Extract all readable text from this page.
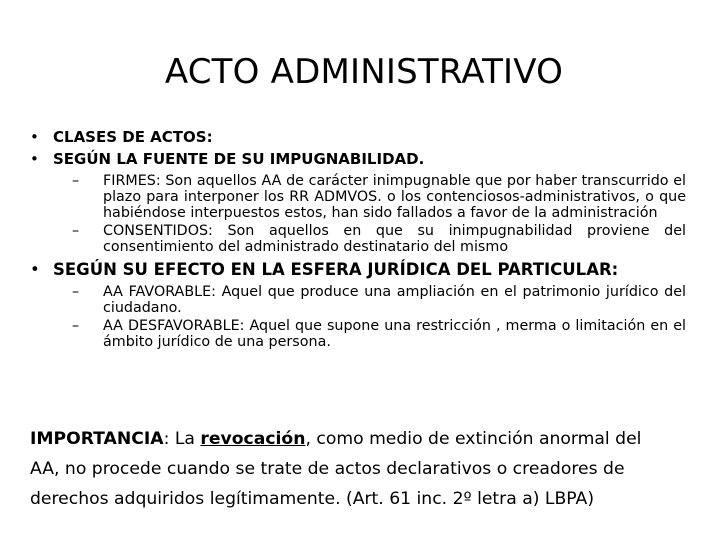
ACTO ADMINISTRATIVO
• CLASES DE ACTOS:
• SEGÚN LA FUENTE DE SU IMPUGNABILIDAD.
– FIRMES: Son aquellos AA de carácter inimpugnable que por haber transcurrido el plazo para interponer los RR ADMVOS. o los contenciosos-administrativos, o que habiéndose interpuestos estos, han sido fallados a favor de la administración
– CONSENTIDOS: Son aquellos en que su inimpugnabilidad proviene del consentimiento del administrado destinatario del mismo
• SEGÚN SU EFECTO EN LA ESFERA JURÍDICA DEL PARTICULAR:
– AA FAVORABLE: Aquel que produce una ampliación en el patrimonio jurídico del ciudadano.
– AA DESFAVORABLE: Aquel que supone una restricción , merma o limitación en el ámbito jurídico de una persona.
IMPORTANCIA: La revocación, como medio de extinción anormal del AA, no procede cuando se trate de actos declarativos o creadores de derechos adquiridos legítimamente. (Art. 61 inc. 2º letra a) LBPA)
